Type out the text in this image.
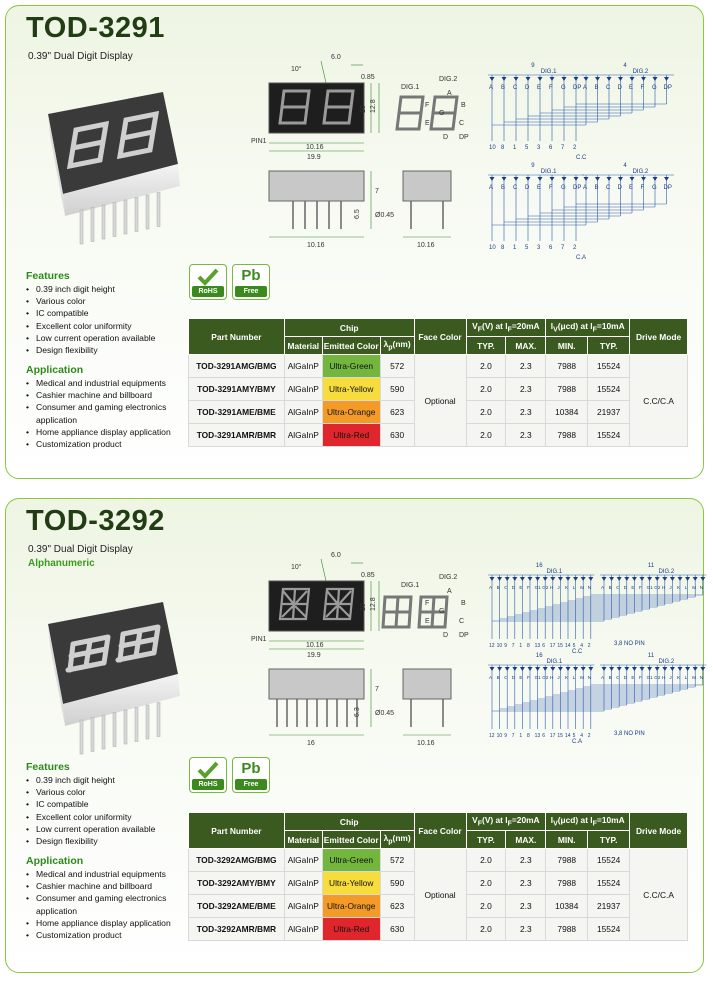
TOD-3291
0.39" Dual Digit Display
Features
• 0.39 inch digit height
• Various color
• IC compatible
• Excellent color uniformity
• Low current operation available
• Design flexibility
Application
• Medical and industrial equipments
• Cashier machine and billboard
• Consumer and gaming electronics application
• Home appliance display application
• Customization product
RoHS
Pb
Free
6.0
10°
0.85
10 12.8
10.16
19.9
PIN1
DIG.1
DIG.2
A
B
C
D
E
F
G
DP
7
6.5
10.16
Ø0.45
10.16
9	4
DIG.1	DIG.2
A B C D E F G DP A B C D E F G DP
10 8 1 5 3 6 7 2
C.C
9	4
DIG.1	DIG.2
A B C D E F G DP A B C D E F G DP
10 8 1 5 3 6 7 2
C.A
Part Number	Chip			Face Color	$V_F(V)$ at $I_F=20mA$		$I_V(\mu cd)$ at $I_F=10mA$		Drive Mode
	Material	Emitted Color	$\lambda_p(nm)$		TYP.	MAX.	MIN.	TYP.	
TOD-3291AMG/BMG	AlGaInP	Ultra-Green	572	Optional	2.0	2.3	7988	15524	C.C/C.A
TOD-3291AMY/BMY	AlGaInP	Ultra-Yellow	590		2.0	2.3	7988	15524	
TOD-3291AME/BME	AlGaInP	Ultra-Orange	623		2.0	2.3	10384	21937	
TOD-3291AMR/BMR	AlGaInP	Ultra-Red	630		2.0	2.3	7988	15524	
TOD-3292
0.39" Dual Digit Display
Alphanumeric
Features
• 0.39 inch digit height
• Various color
• IC compatible
• Excellent color uniformity
• Low current operation available
• Design flexibility
Application
• Medical and industrial equipments
• Cashier machine and billboard
• Consumer and gaming electronics application
• Home appliance display application
• Customization product
RoHS
Pb
Free
6.0
10°
0.85
10 12.8
10.16
19.9
PIN1
DIG.1
DIG.2
A
B
C
D
E
F
G
DP
7
6.3
16
Ø0.45
10.16
16	11
DIG.1	DIG.2
A B C D E F G1 G2 H J K L M N A B C D E F G1 G2 H J K L M N
12 10 9 7 1 8 13 6 17 15 14 5 4 2
C.C
3,8 NO PIN
16	11
DIG.1	DIG.2
A B C D E F G1 G2 H J K L M N A B C D E F G1 G2 H J K L M N
12 10 9 7 1 8 13 6 17 15 14 5 4 2
C.A
3,8 NO PIN
Part Number	Chip			Face Color	$V_F(V)$ at $I_F=20mA$		$I_V(\mu cd)$ at $I_F=10mA$		Drive Mode
	Material	Emitted Color	$\lambda_p(nm)$		TYP.	MAX.	MIN.	TYP.	
TOD-3292AMG/BMG	AlGaInP	Ultra-Green	572	Optional	2.0	2.3	7988	15524	C.C/C.A
TOD-3292AMY/BMY	AlGaInP	Ultra-Yellow	590		2.0	2.3	7988	15524	
TOD-3292AME/BME	AlGaInP	Ultra-Orange	623		2.0	2.3	10384	21937	
TOD-3292AMR/BMR	AlGaInP	Ultra-Red	630		2.0	2.3	7988	15524	
